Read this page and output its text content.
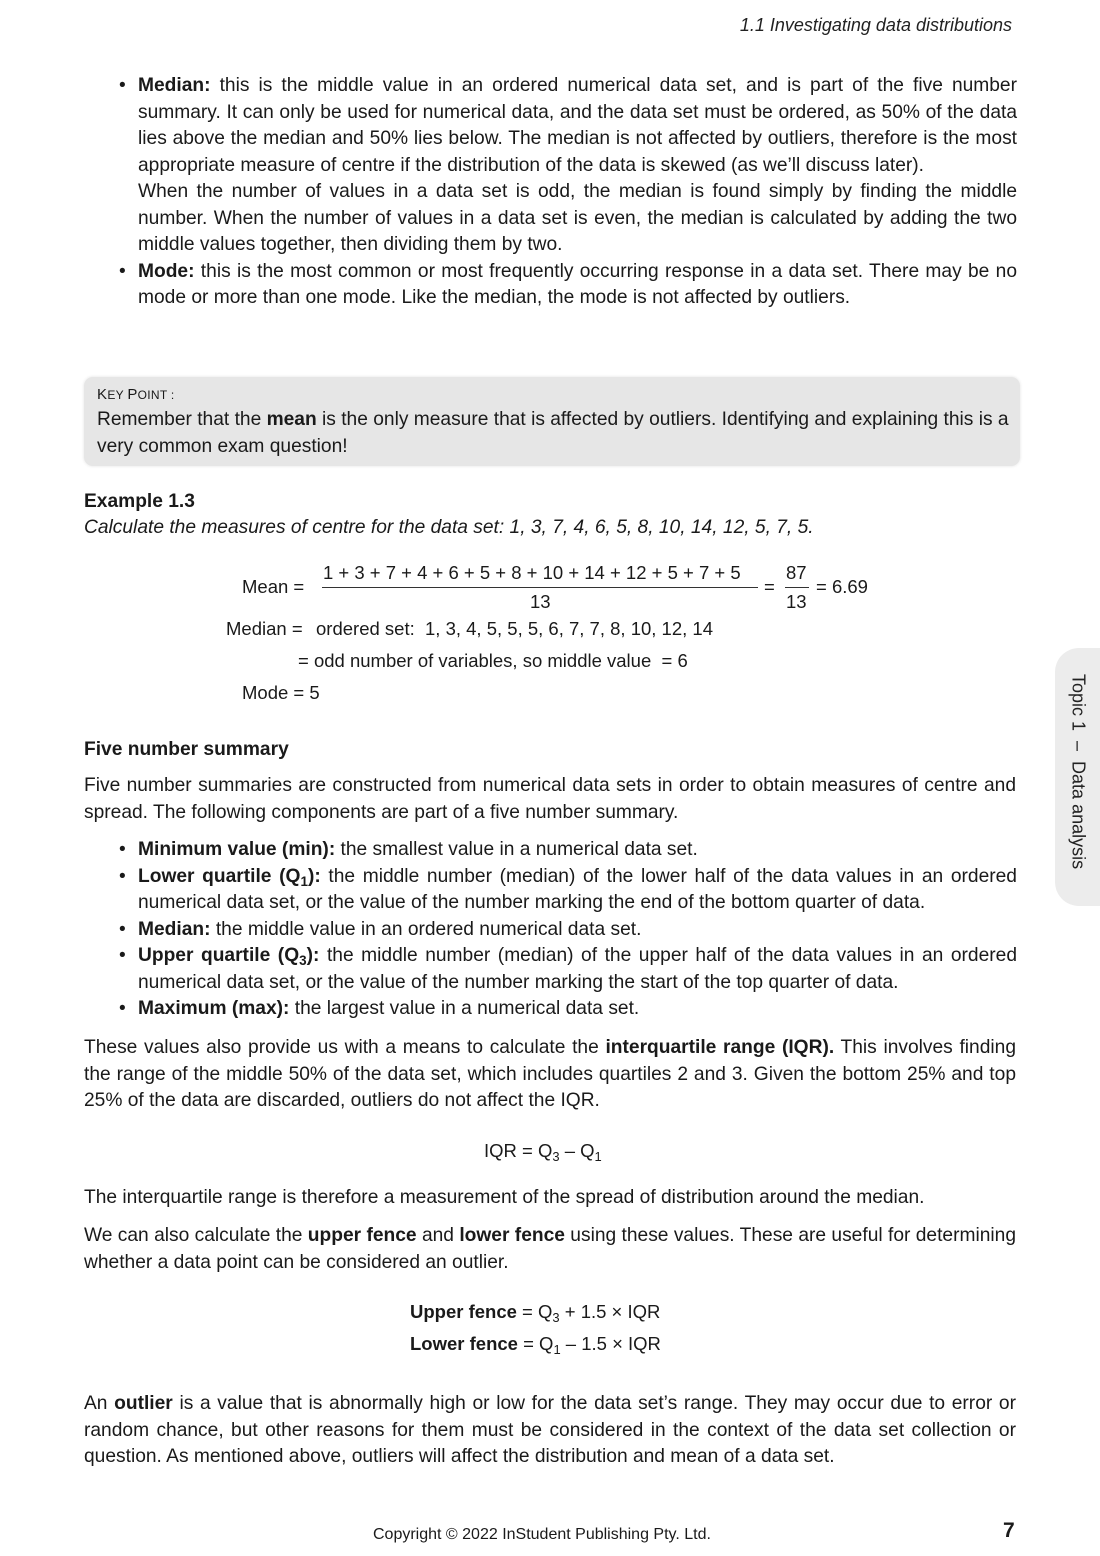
1.1 Investigating data distributions
• Median: this is the middle value in an ordered numerical data set, and is part of the five number summary. It can only be used for numerical data, and the data set must be ordered, as 50% of the data lies above the median and 50% lies below. The median is not affected by outliers, therefore is the most appropriate measure of centre if the distribution of the data is skewed (as we’ll discuss later).
When the number of values in a data set is odd, the median is found simply by finding the middle number. When the number of values in a data set is even, the median is calculated by adding the two middle values together, then dividing them by two.
• Mode: this is the most common or most frequently occurring response in a data set. There may be no mode or more than one mode. Like the median, the mode is not affected by outliers.
KEY POINT :
Remember that the mean is the only measure that is affected by outliers. Identifying and explaining this is a very common exam question!
Example 1.3
Calculate the measures of centre for the data set: 1, 3, 7, 4, 6, 5, 8, 10, 14, 12, 5, 7, 5.
Mean =
1 + 3 + 7 + 4 + 6 + 5 + 8 + 10 + 14 + 12 + 5 + 7 + 5
13
=
87
13
= 6.69
Median = ordered set:  1, 3, 4, 5, 5, 5, 6, 7, 7, 8, 10, 12, 14
= odd number of variables, so middle value  = 6
Mode = 5
Five number summary
Five number summaries are constructed from numerical data sets in order to obtain measures of centre and spread. The following components are part of a five number summary.
• Minimum value (min): the smallest value in a numerical data set.
• Lower quartile $(Q_1)$: the middle number (median) of the lower half of the data values in an ordered numerical data set, or the value of the number marking the end of the bottom quarter of data.
• Median: the middle value in an ordered numerical data set.
• Upper quartile $(Q_3)$: the middle number (median) of the upper half of the data values in an ordered numerical data set, or the value of the number marking the start of the top quarter of data.
• Maximum (max): the largest value in a numerical data set.
These values also provide us with a means to calculate the interquartile range (IQR). This involves finding the range of the middle 50% of the data set, which includes quartiles 2 and 3. Given the bottom 25% and top 25% of the data are discarded, outliers do not affect the IQR.
IQR = $Q_3 - Q_1$
The interquartile range is therefore a measurement of the spread of distribution around the median.
We can also calculate the upper fence and lower fence using these values. These are useful for determining whether a data point can be considered an outlier.
Upper fence = $Q_3 + 1.5$ × IQR
Lower fence = $Q_1 - 1.5$ × IQR
An outlier is a value that is abnormally high or low for the data set’s range. They may occur due to error or random chance, but other reasons for them must be considered in the context of the data set collection or question. As mentioned above, outliers will affect the distribution and mean of a data set.
Topic 1  –  Data analysis
Copyright © 2022 InStudent Publishing Pty. Ltd.	7
